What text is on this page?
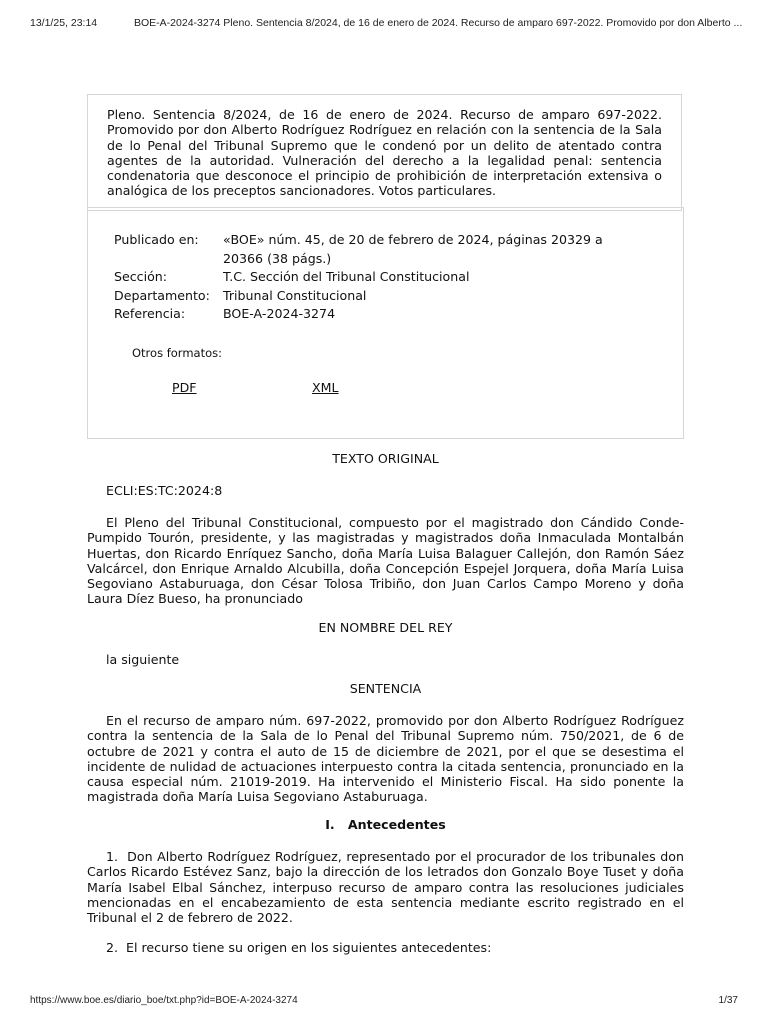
13/1/25, 23:14	BOE-A-2024-3274 Pleno. Sentencia 8/2024, de 16 de enero de 2024. Recurso de amparo 697-2022. Promovido por don Alberto ...
Pleno. Sentencia 8/2024, de 16 de enero de 2024. Recurso de amparo 697-2022. Promovido por don Alberto Rodríguez Rodríguez en relación con la sentencia de la Sala de lo Penal del Tribunal Supremo que le condenó por un delito de atentado contra agentes de la autoridad. Vulneración del derecho a la legalidad penal: sentencia condenatoria que desconoce el principio de prohibición de interpretación extensiva o analógica de los preceptos sancionadores. Votos particulares.
Publicado en:	«BOE» núm. 45, de 20 de febrero de 2024, páginas 20329 a 20366 (38 págs.)
Sección:	T.C. Sección del Tribunal Constitucional
Departamento:	Tribunal Constitucional
Referencia:	BOE-A-2024-3274
Otros formatos:
PDF	XML
TEXTO ORIGINAL

ECLI:ES:TC:2024:8

El Pleno del Tribunal Constitucional, compuesto por el magistrado don Cándido Conde-Pumpido Tourón, presidente, y las magistradas y magistrados doña Inmaculada Montalbán Huertas, don Ricardo Enríquez Sancho, doña María Luisa Balaguer Callejón, don Ramón Sáez Valcárcel, don Enrique Arnaldo Alcubilla, doña Concepción Espejel Jorquera, doña María Luisa Segoviano Astaburuaga, don César Tolosa Tribiño, don Juan Carlos Campo Moreno y doña Laura Díez Bueso, ha pronunciado

EN NOMBRE DEL REY

la siguiente

SENTENCIA

En el recurso de amparo núm. 697-2022, promovido por don Alberto Rodríguez Rodríguez contra la sentencia de la Sala de lo Penal del Tribunal Supremo núm. 750/2021, de 6 de octubre de 2021 y contra el auto de 15 de diciembre de 2021, por el que se desestima el incidente de nulidad de actuaciones interpuesto contra la citada sentencia, pronunciado en la causa especial núm. 21019-2019. Ha intervenido el Ministerio Fiscal. Ha sido ponente la magistrada doña María Luisa Segoviano Astaburuaga.

I.   Antecedentes

1.  Don Alberto Rodríguez Rodríguez, representado por el procurador de los tribunales don Carlos Ricardo Estévez Sanz, bajo la dirección de los letrados don Gonzalo Boye Tuset y doña María Isabel Elbal Sánchez, interpuso recurso de amparo contra las resoluciones judiciales mencionadas en el encabezamiento de esta sentencia mediante escrito registrado en el Tribunal el 2 de febrero de 2022.

2.  El recurso tiene su origen en los siguientes antecedentes:

https://www.boe.es/diario_boe/txt.php?id=BOE-A-2024-3274	1/37
